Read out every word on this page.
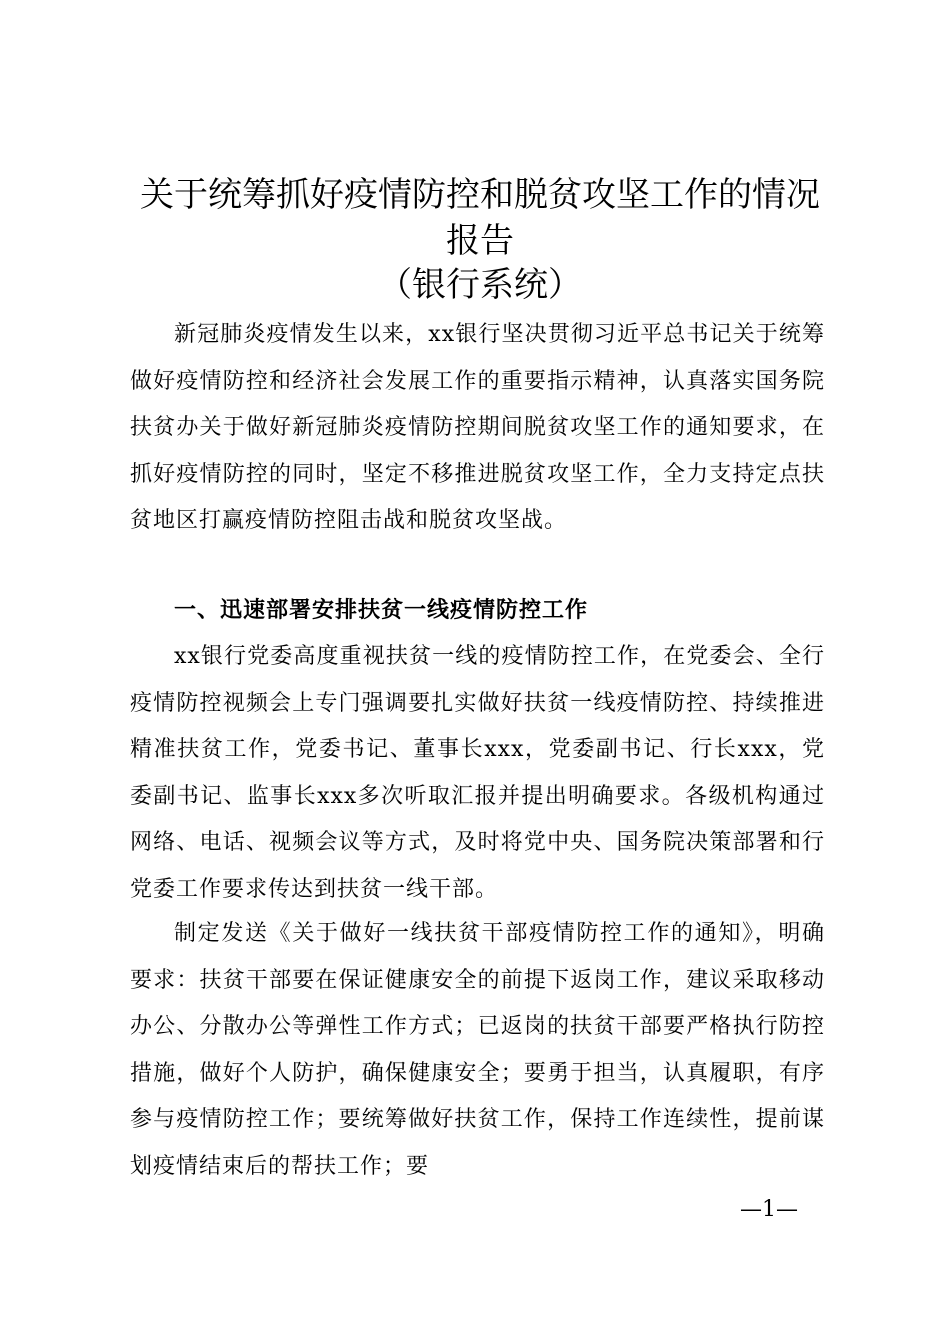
关于统筹抓好疫情防控和脱贫攻坚工作的情况
报告
（银行系统）

新冠肺炎疫情发生以来，xx银行坚决贯彻习近平总书记关于统筹做好疫情防控和经济社会发展工作的重要指示精神，认真落实国务院扶贫办关于做好新冠肺炎疫情防控期间脱贫攻坚工作的通知要求，在抓好疫情防控的同时，坚定不移推进脱贫攻坚工作，全力支持定点扶贫地区打赢疫情防控阻击战和脱贫攻坚战。

一、迅速部署安排扶贫一线疫情防控工作

xx银行党委高度重视扶贫一线的疫情防控工作，在党委会、全行疫情防控视频会上专门强调要扎实做好扶贫一线疫情防控、持续推进精准扶贫工作，党委书记、董事长xxx，党委副书记、行长xxx，党委副书记、监事长xxx多次听取汇报并提出明确要求。各级机构通过网络、电话、视频会议等方式，及时将党中央、国务院决策部署和行党委工作要求传达到扶贫一线干部。

制定发送《关于做好一线扶贫干部疫情防控工作的通知》，明确要求：扶贫干部要在保证健康安全的前提下返岗工作，建议采取移动办公、分散办公等弹性工作方式；已返岗的扶贫干部要严格执行防控措施，做好个人防护，确保健康安全；要勇于担当，认真履职，有序参与疫情防控工作；要统筹做好扶贫工作，保持工作连续性，提前谋划疫情结束后的帮扶工作；要

—1—
